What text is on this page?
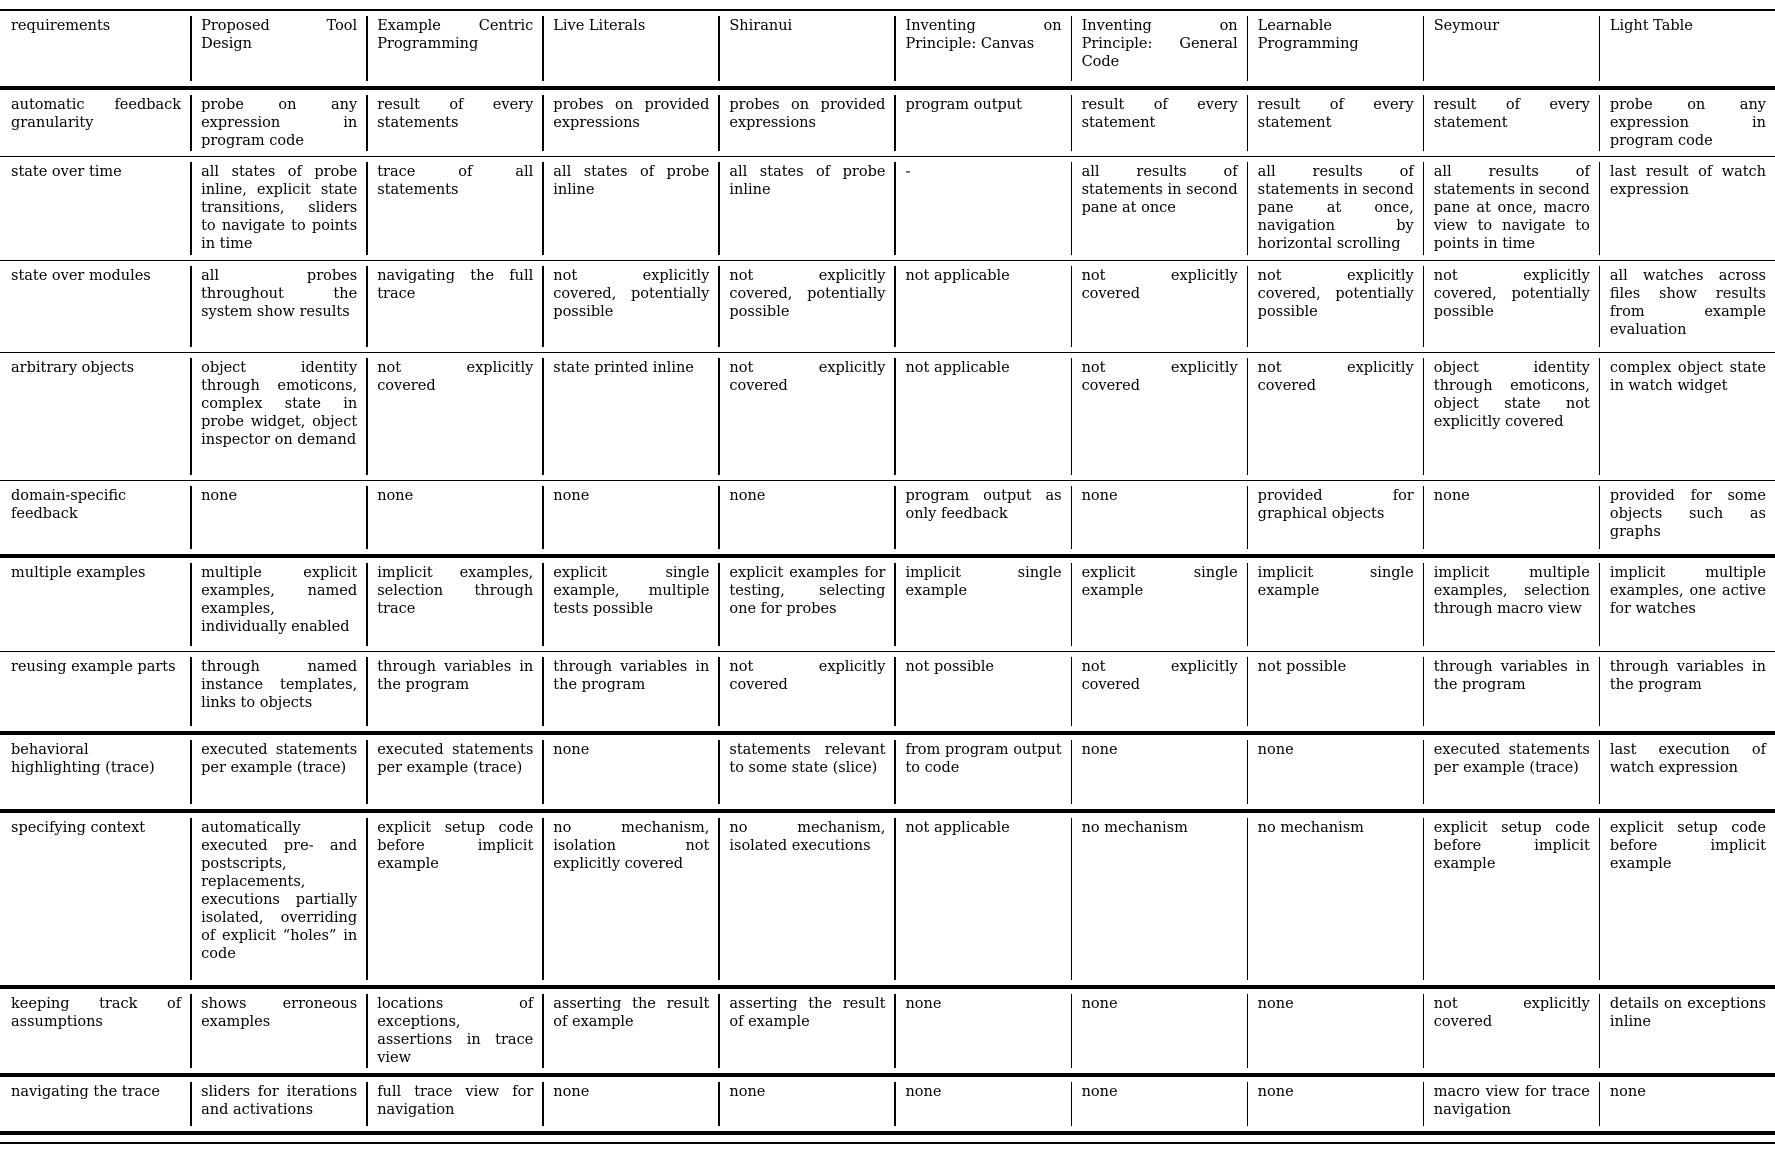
requirements	Proposed Tool Design	Example Centric Programming	Live Literals	Shiranui	Inventing on Principle: Canvas	Inventing on Principle: General Code	Learnable Programming	Seymour	Light Table
automatic feedback granularity	probe on any expression in program code	result of every statements	probes on provided expressions	probes on provided expressions	program output	result of every statement	result of every statement	result of every statement	probe on any expression in program code
state over time	all states of probe inline, explicit state transitions, sliders to navigate to points in time	trace of all statements	all states of probe inline	all states of probe inline	-	all results of statements in second pane at once	all results of statements in second pane at once, navigation by horizontal scrolling	all results of statements in second pane at once, macro view to navigate to points in time	last result of watch expression
state over modules	all probes throughout the system show results	navigating the full trace	not explicitly covered, potentially possible	not explicitly covered, potentially possible	not applicable	not explicitly covered	not explicitly covered, potentially possible	not explicitly covered, potentially possible	all watches across files show results from example evaluation
arbitrary objects	object identity through emoticons, complex state in probe widget, object inspector on demand	not explicitly covered	state printed inline	not explicitly covered	not applicable	not explicitly covered	not explicitly covered	object identity through emoticons, object state not explicitly covered	complex object state in watch widget
domain-specific feedback	none	none	none	none	program output as only feedback	none	provided for graphical objects	none	provided for some objects such as graphs
multiple examples	multiple explicit examples, named examples, individually enabled	implicit examples, selection through trace	explicit single example, multiple tests possible	explicit examples for testing, selecting one for probes	implicit single example	explicit single example	implicit single example	implicit multiple examples, selection through macro view	implicit multiple examples, one active for watches
reusing example parts	through named instance templates, links to objects	through variables in the program	through variables in the program	not explicitly covered	not possible	not explicitly covered	not possible	through variables in the program	through variables in the program
behavioral highlighting (trace)	executed statements per example (trace)	executed statements per example (trace)	none	statements relevant to some state (slice)	from program output to code	none	none	executed statements per example (trace)	last execution of watch expression
specifying context	automatically executed pre- and postscripts, replacements, executions partially isolated, overriding of explicit “holes” in code	explicit setup code before implicit example	no mechanism, isolation not explicitly covered	no mechanism, isolated executions	not applicable	no mechanism	no mechanism	explicit setup code before implicit example	explicit setup code before implicit example
keeping track of assumptions	shows erroneous examples	locations of exceptions, assertions in trace view	asserting the result of example	asserting the result of example	none	none	none	not explicitly covered	details on exceptions inline
navigating the trace	sliders for iterations and activations	full trace view for navigation	none	none	none	none	none	macro view for trace navigation	none
